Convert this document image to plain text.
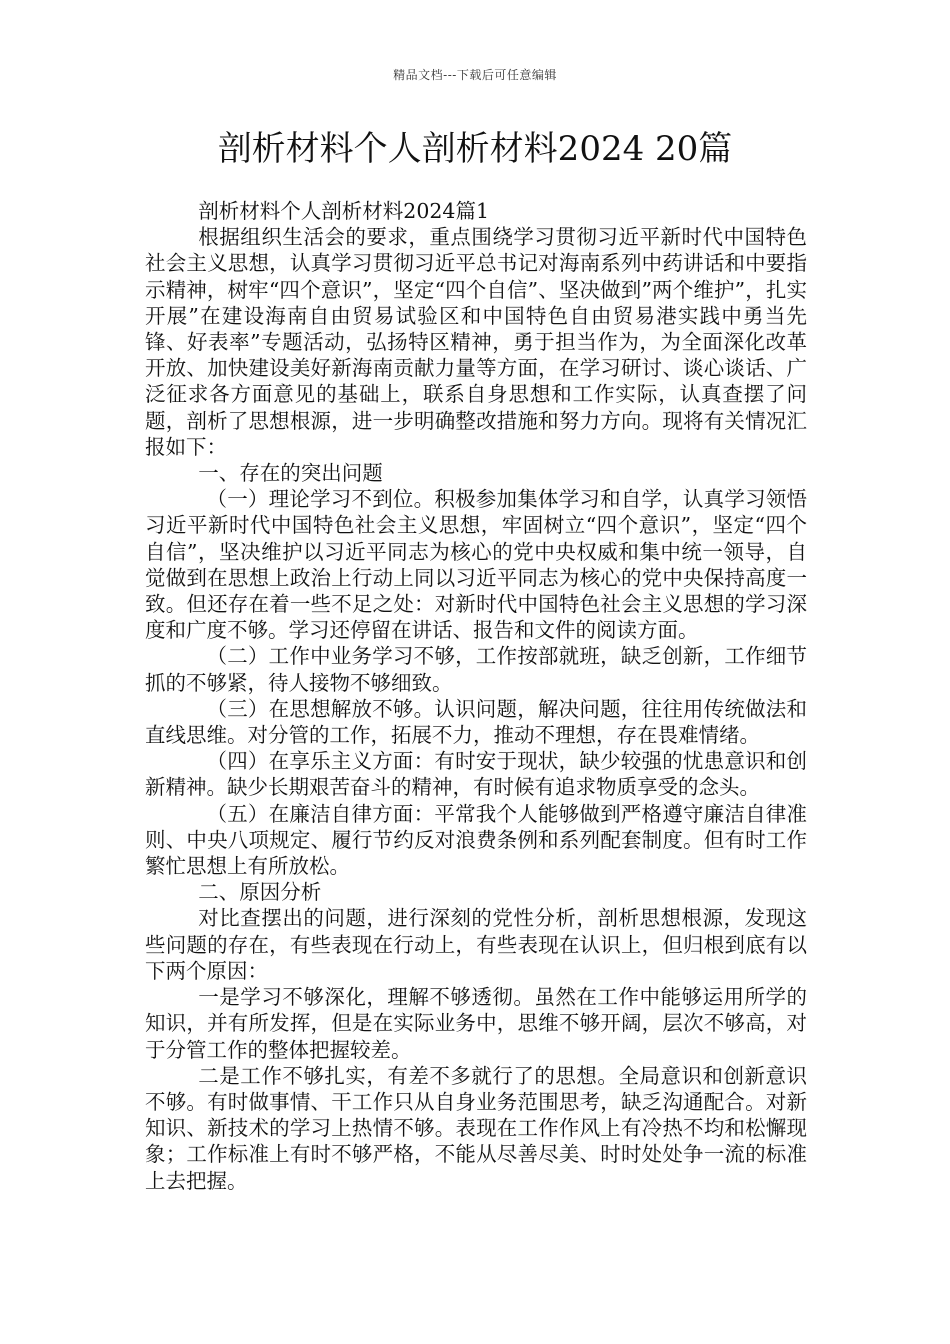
精品文档---下载后可任意编辑
剖析材料个人剖析材料2024 20篇

剖析材料个人剖析材料2024篇1

根据组织生活会的要求，重点围绕学习贯彻习近平新时代中国特色社会主义思想，认真学习贯彻习近平总书记对海南系列中药讲话和中要指示精神，树牢“四个意识”，坚定“四个自信”、坚决做到”两个维护”，扎实开展”在建设海南自由贸易试验区和中国特色自由贸易港实践中勇当先锋、好表率”专题活动，弘扬特区精神，勇于担当作为，为全面深化改革开放、加快建设美好新海南贡献力量等方面，在学习研讨、谈心谈话、广泛征求各方面意见的基础上，联系自身思想和工作实际，认真查摆了问题，剖析了思想根源，进一步明确整改措施和努力方向。现将有关情况汇报如下：

一、存在的突出问题

（一）理论学习不到位。积极参加集体学习和自学，认真学习领悟习近平新时代中国特色社会主义思想，牢固树立“四个意识”，坚定“四个自信”，坚决维护以习近平同志为核心的党中央权威和集中统一领导，自觉做到在思想上政治上行动上同以习近平同志为核心的党中央保持高度一致。但还存在着一些不足之处：对新时代中国特色社会主义思想的学习深度和广度不够。学习还停留在讲话、报告和文件的阅读方面。

（二）工作中业务学习不够，工作按部就班，缺乏创新，工作细节抓的不够紧，待人接物不够细致。

（三）在思想解放不够。认识问题，解决问题，往往用传统做法和直线思维。对分管的工作，拓展不力，推动不理想，存在畏难情绪。

（四）在享乐主义方面：有时安于现状，缺少较强的忧患意识和创新精神。缺少长期艰苦奋斗的精神，有时候有追求物质享受的念头。

（五）在廉洁自律方面：平常我个人能够做到严格遵守廉洁自律准则、中央八项规定、履行节约反对浪费条例和系列配套制度。但有时工作繁忙思想上有所放松。

二、原因分析

对比查摆出的问题，进行深刻的党性分析，剖析思想根源，发现这些问题的存在，有些表现在行动上，有些表现在认识上，但归根到底有以下两个原因：

一是学习不够深化，理解不够透彻。虽然在工作中能够运用所学的知识，并有所发挥，但是在实际业务中，思维不够开阔，层次不够高，对于分管工作的整体把握较差。

二是工作不够扎实，有差不多就行了的思想。全局意识和创新意识不够。有时做事情、干工作只从自身业务范围思考，缺乏沟通配合。对新知识、新技术的学习上热情不够。表现在工作作风上有冷热不均和松懈现象；工作标准上有时不够严格，不能从尽善尽美、时时处处争一流的标准上去把握。
